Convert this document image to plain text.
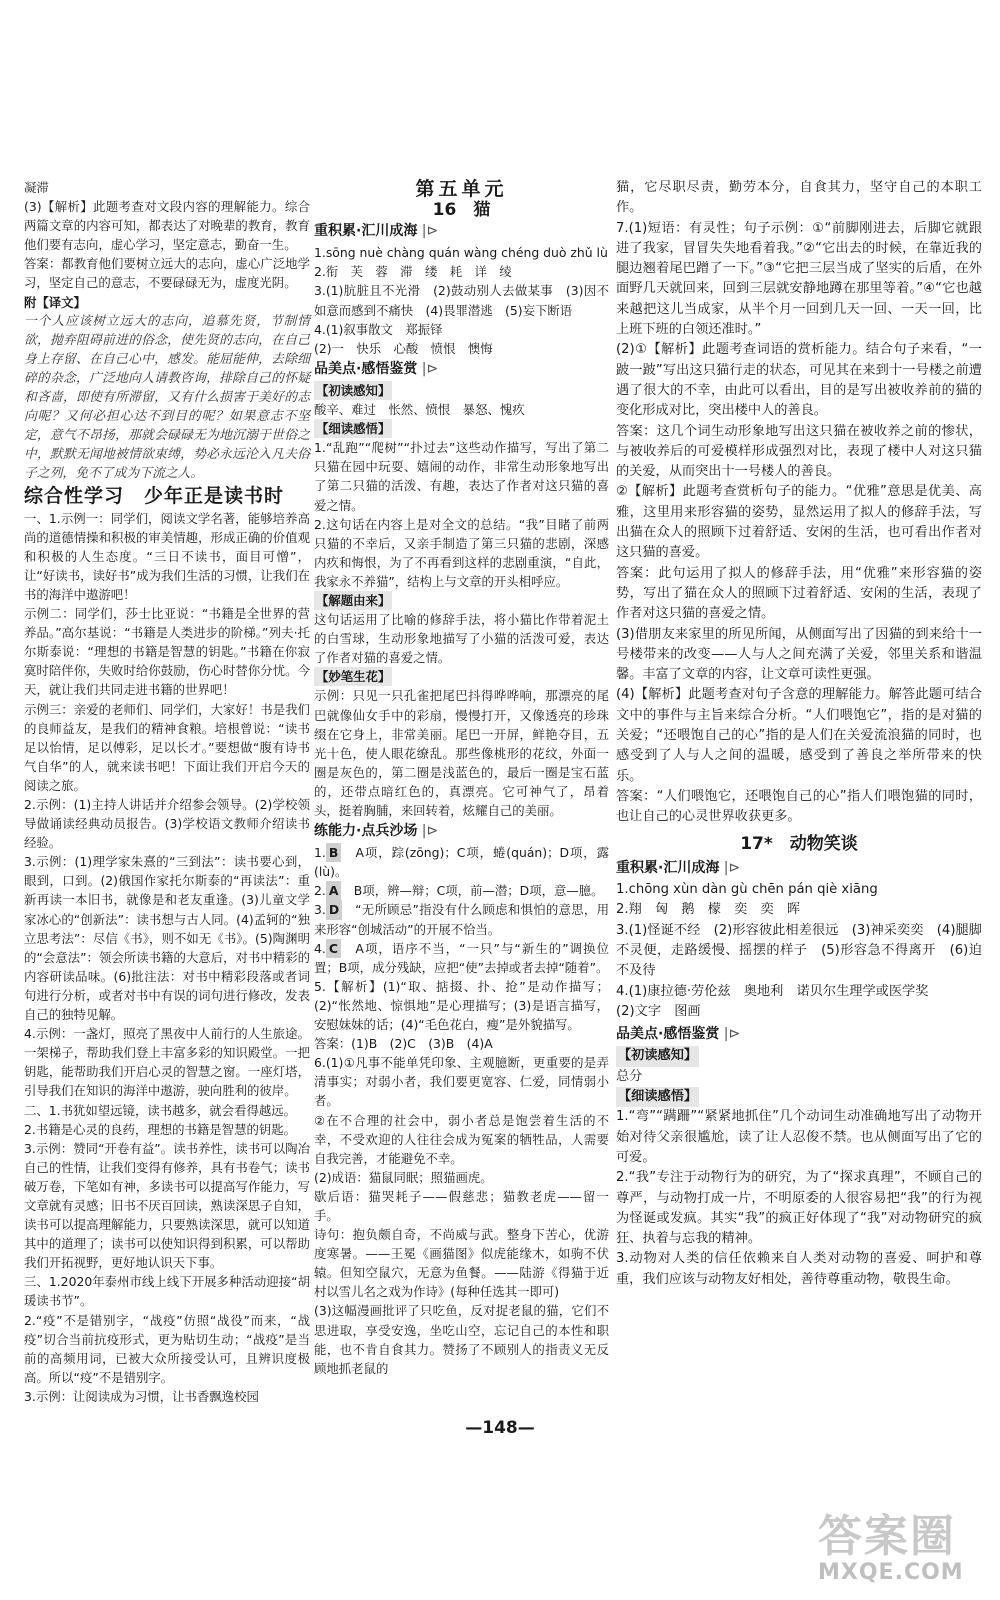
凝滞

(3)【解析】此题考查对文段内容的理解能力。综合两篇文章的内容可知，都表达了对晚辈的教育，教育他们要有志向，虚心学习，坚定意志，勤奋一生。

答案：都教育他们要树立远大的志向，虚心广泛地学习，坚定自己的意志，不要碌碌无为，虚度光阴。

附【译文】

一个人应该树立远大的志向，追慕先贤，节制情欲，抛弃阻碍前进的俗念，使先贤的志向，在自己身上存留、在自己心中，感发。能屈能伸，去除细碎的杂念，广泛地向人请教咨询，排除自己的怀疑和吝啬，即使有所滞留，又有什么损害于美好的志向呢？又何必担心达不到目的呢？如果意志不坚定，意气不昂扬，那就会碌碌无为地沉溺于世俗之中，默默无闻地被情欲束缚，势必永远沦入凡夫俗子之列，免不了成为下流之人。

综合性学习　少年正是读书时

一、1.示例一：同学们，阅读文学名著，能够培养高尚的道德情操和积极的审美情趣，形成正确的价值观和积极的人生态度。“三日不读书，面目可憎”，让“好读书，读好书”成为我们生活的习惯，让我们在书的海洋中遨游吧！

示例二：同学们，莎士比亚说：“书籍是全世界的营养品。”高尔基说：“书籍是人类进步的阶梯。”列夫·托尔斯泰说：“理想的书籍是智慧的钥匙。”书籍在你寂寞时陪伴你，失败时给你鼓励，伤心时替你分忧。今天，就让我们共同走进书籍的世界吧！

示例三：亲爱的老师们、同学们，大家好！书是我们的良师益友，是我们的精神食粮。培根曾说：“读书足以怡情，足以傅彩，足以长才。”要想做“腹有诗书气自华”的人，就来读书吧！下面让我们开启今天的阅读之旅。

2.示例：(1)主持人讲话并介绍参会领导。(2)学校领导做诵读经典动员报告。(3)学校语文教师介绍读书经验。

3.示例：(1)理学家朱熹的“三到法”：读书要心到，眼到，口到。(2)俄国作家托尔斯泰的“再读法”：重新再读一本旧书，就像是和老友重逢。(3)儿童文学家冰心的“创新法”：读书想与古人同。(4)孟轲的“独立思考法”：尽信《书》，则不如无《书》。(5)陶渊明的“会意法”：领会所读书籍的大意后，对书中精彩的内容研读品味。(6)批注法：对书中精彩段落或者词句进行分析，或者对书中有误的词句进行修改，发表自己的独特见解。

4.示例：一盏灯，照亮了黑夜中人前行的人生旅途。一架梯子，帮助我们登上丰富多彩的知识殿堂。一把钥匙，能帮助我们开启心灵的智慧之窗。一座灯塔，引导我们在知识的海洋中遨游，驶向胜利的彼岸。

二、1.书犹如望远镜，读书越多，就会看得越远。

2.书籍是心灵的良药，理想的书籍是智慧的钥匙。

3.示例：赞同“开卷有益”。读书养性，读书可以陶冶自己的性情，让我们变得有修养，具有书卷气；读书破万卷，下笔如有神，多读书可以提高写作能力，写文章就有灵感；旧书不厌百回读，熟读深思子自知，读书可以提高理解能力，只要熟读深思，就可以知道其中的道理了；读书可以使知识得到积累，可以帮助我们开拓视野，更好地认识天下事。

三、1.2020年泰州市线上线下开展多种活动迎接“胡瑗读书节”。

2.“疫”不是错别字，“战疫”仿照“战役”而来，“战疫”切合当前抗疫形式，更为贴切生动；“战疫”是当前的高频用词，已被大众所接受认可，且辨识度极高。所以“疫”不是错别字。

3.示例：让阅读成为习惯，让书香飘逸校园

第五单元
16　猫
重积累·汇川成海 |⊳

1.sōng nuè chàng quán wàng chéng duò zhǔ lù

2.衔　芙　蓉　滞　缕　耗　详　绫

3.(1)肮脏且不光滑　(2)鼓动别人去做某事　(3)因不如意而感到不痛快　(4)畏罪潜逃　(5)妄下断语

4.(1)叙事散文　郑振铎

(2)一　快乐　心酸　愤恨　懊悔

品美点·感悟鉴赏 |⊳
【初读感知】

酸辛、难过　怅然、愤恨　暴怒、愧疚

【细读感悟】

1.“乱跑”“爬树”“扑过去”这些动作描写，写出了第二只猫在园中玩耍、嬉闹的动作，非常生动形象地写出了第二只猫的活泼、有趣，表达了作者对这只猫的喜爱之情。

2.这句话在内容上是对全文的总结。“我”目睹了前两只猫的不幸后，又亲手制造了第三只猫的悲剧，深感内疚和悔恨，为了不再看到这样的悲剧重演，“自此，我家永不养猫”，结构上与文章的开头相呼应。

【解题由来】

这句话运用了比喻的修辞手法，将小猫比作带着泥土的白雪球，生动形象地描写了小猫的活泼可爱，表达了作者对猫的喜爱之情。

【妙笔生花】

示例：只见一只孔雀把尾巴抖得哗哗响，那漂亮的尾巴就像仙女手中的彩扇，慢慢打开，又像透亮的珍珠缀在它身上，非常美丽。尾巴一开屏，鲜艳夺目，五光十色，使人眼花缭乱。那些像桃形的花纹，外面一圈是灰色的，第二圈是浅蓝色的，最后一圈是宝石蓝的，还带点暗红色的，真漂亮。它可神气了，昂着头，挺着胸脯，来回转着，炫耀自己的美丽。

练能力·点兵沙场 |⊳

1. B　A项，踪(zōng)；C项，蜷(quán)；D项，露(lù)。

2. A　B项，辨—辩；C项，前—潜；D项，意—臆。

3. D　“无所顾忌”指没有什么顾虑和惧怕的意思，用来形容“创城活动”的开展不恰当。

4. C　A项，语序不当，“一只”与“新生的”调换位置；B项，成分残缺，应把“使”去掉或者去掉“随着”。

5.【解析】(1)“取、掂掇、扑、抢”是动作描写；(2)“怅然地、惊惧地”是心理描写；(3)是语言描写，安慰妹妹的话；(4)“毛色花白，瘦”是外貌描写。

答案：(1)B　(2)C　(3)B　(4)A

6.(1)①凡事不能单凭印象、主观臆断，更重要的是弄清事实；对弱小者，我们要更宽容、仁爱，同情弱小者。

②在不合理的社会中，弱小者总是饱尝着生活的不幸，不受欢迎的人往往会成为冤案的牺牲品，人需要自我完善，才能避免不幸。

(2)成语：猫鼠同眠；照猫画虎。

歇后语：猫哭耗子——假慈悲；猫教老虎——留一手。

诗句：抱负颇自奇，不尚威与武。整身下苦心，优游度寒暑。——王冕《画猫图》似虎能缘木，如驹不伏辕。但知空鼠穴，无意为鱼餐。——陆游《得猫于近村以雪儿名之戏为作诗》(每种任选其一即可)

(3)这幅漫画批评了只吃鱼，反对捉老鼠的猫，它们不思进取，享受安逸，坐吃山空，忘记自己的本性和职能，也不肯自食其力。赞扬了不顾别人的指责义无反顾地抓老鼠的

猫，它尽职尽责，勤劳本分，自食其力，坚守自己的本职工作。

7.(1)短语：有灵性；句子示例：①“前脚刚进去，后脚它就跟进了我家，冒冒失失地看着我。”②“它出去的时候，在靠近我的腿边翘着尾巴蹭了一下。”③“它把三层当成了坚实的后盾，在外面野几天就回来，回到三层就安静地蹲在那里等着。”④“它也越来越把这儿当成家，从半个月一回到几天一回、一天一回，比上班下班的白领还准时。”

(2)①【解析】此题考查词语的赏析能力。结合句子来看，“一跛一跛”写出这只猫行走的状态，可见其在来到十一号楼之前遭遇了很大的不幸，由此可以看出，目的是写出被收养前的猫的变化形成对比，突出楼中人的善良。

答案：这几个词生动形象地写出这只猫在被收养之前的惨状，与被收养后的可爱模样形成强烈对比，表现了楼中人对这只猫的关爱，从而突出十一号楼人的善良。

②【解析】此题考查赏析句子的能力。“优雅”意思是优美、高雅，这里用来形容猫的姿势，显然运用了拟人的修辞手法，写出猫在众人的照顾下过着舒适、安闲的生活，也可看出作者对这只猫的喜爱。

答案：此句运用了拟人的修辞手法，用“优雅”来形容猫的姿势，写出了猫在众人的照顾下过着舒适、安闲的生活，表现了作者对这只猫的喜爱之情。

(3)借朋友来家里的所见所闻，从侧面写出了因猫的到来给十一号楼带来的改变——人与人之间充满了关爱，邻里关系和谐温馨。丰富了文章的内容，让文章可读性更强。

(4)【解析】此题考查对句子含意的理解能力。解答此题可结合文中的事件与主旨来综合分析。“人们喂饱它”，指的是对猫的关爱；“还喂饱自己的心”指的是人们在关爱流浪猫的同时，也感受到了人与人之间的温暖，感受到了善良之举所带来的快乐。

答案：“人们喂饱它，还喂饱自己的心”指人们喂饱猫的同时，也让自己的心灵世界收获更多。

17*　动物笑谈
重积累·汇川成海 |⊳

1.chōng xùn dàn gù chēn pán qiè xiāng

2.翔　匈　鹅　檬　奕　奕　晖

3.(1)怪诞不经　(2)形容彼此相差很远　(3)神采奕奕　(4)腿脚不灵便，走路缓慢、摇摆的样子　(5)形容急不得离开　(6)迫不及待

4.(1)康拉德·劳伦兹　奥地利　诺贝尔生理学或医学奖

(2)文字　图画

品美点·感悟鉴赏 |⊳
【初读感知】

总分

【细读感悟】

1.“弯”“蹒跚”“紧紧地抓住”几个动词生动准确地写出了动物开始对待父亲很尴尬，读了让人忍俊不禁。也从侧面写出了它的可爱。

2.“我”专注于动物行为的研究，为了“探求真理”，不顾自己的尊严，与动物打成一片，不明原委的人很容易把“我”的行为视为怪诞或发疯。其实“我”的疯正好体现了“我”对动物研究的疯狂、执着与忘我的精神。

3.动物对人类的信任依赖来自人类对动物的喜爱、呵护和尊重，我们应该与动物友好相处，善待尊重动物，敬畏生命。

—148—
答案圈
MXQE.COM
